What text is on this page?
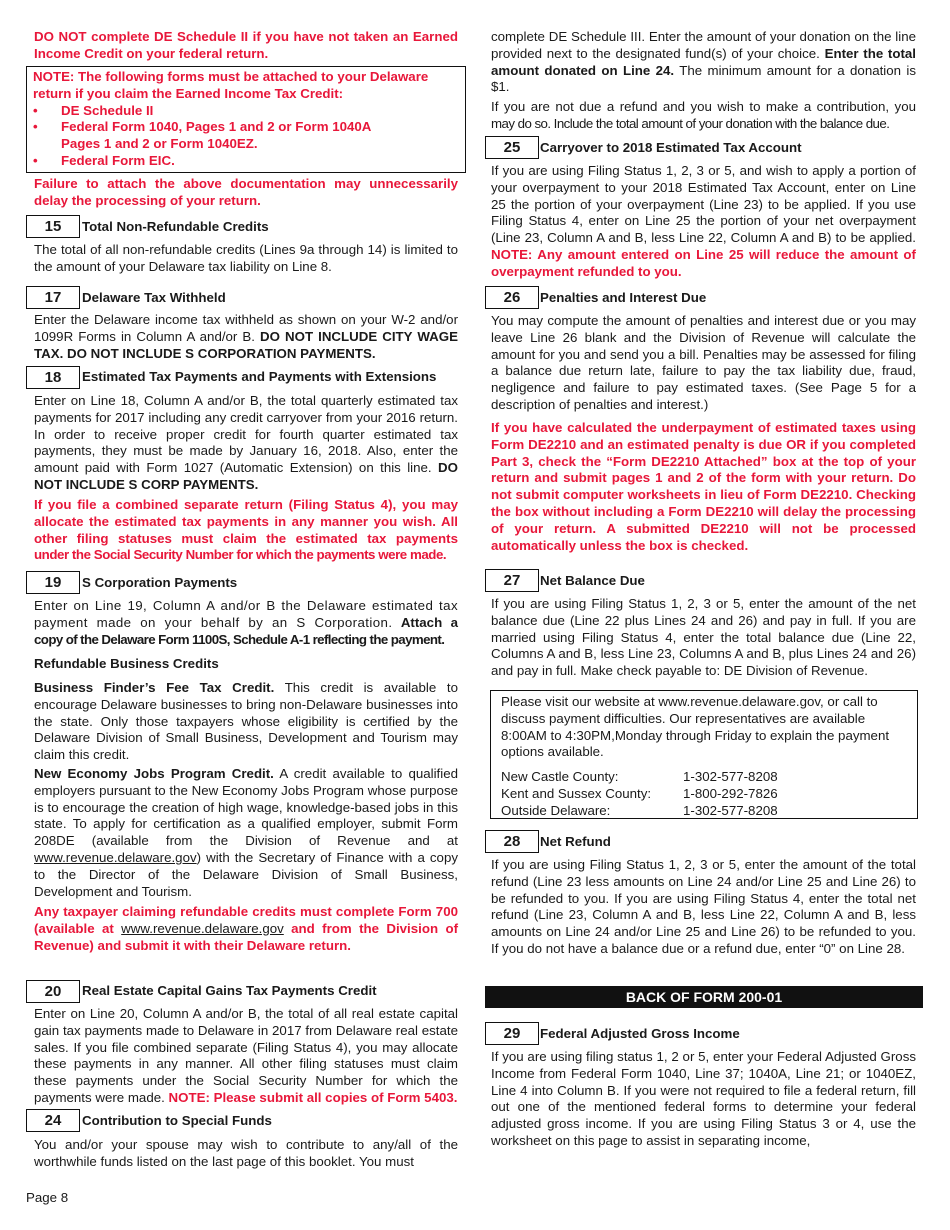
DO NOT complete DE Schedule II if you have not taken an Earned Income Credit on your federal return.

NOTE: The following forms must be attached to your Delaware return if you claim the Earned Income Tax Credit:

•	DE Schedule II
•	Federal Form 1040, Pages 1 and 2 or Form 1040A Pages 1 and 2 or Form 1040EZ.
•	Federal Form EIC.

Failure to attach the above documentation may unnecessarily delay the processing of your return.

15	Total Non-Refundable Credits

The total of all non-refundable credits (Lines 9a through 14) is limited to the amount of your Delaware tax liability on Line 8.

17	Delaware Tax Withheld

Enter the Delaware income tax withheld as shown on your W-2 and/or 1099R Forms in Column A and/or B. DO NOT INCLUDE CITY WAGE TAX. DO NOT INCLUDE S CORPORATION PAYMENTS.

18	Estimated Tax Payments and Payments with Extensions

Enter on Line 18, Column A and/or B, the total quarterly estimated tax payments for 2017 including any credit carryover from your 2016 return. In order to receive proper credit for fourth quarter estimated tax payments, they must be made by January 16, 2018. Also, enter the amount paid with Form 1027 (Automatic Extension) on this line. DO NOT INCLUDE S CORP PAYMENTS.

If you file a combined separate return (Filing Status 4), you may allocate the estimated tax payments in any manner you wish. All other filing statuses must claim the estimated tax payments under the Social Security Number for which the payments were made.

19	S Corporation Payments

Enter on Line 19, Column A and/or B the Delaware estimated tax payment made on your behalf by an S Corporation. Attach a copy of the Delaware Form 1100S, Schedule A-1 reflecting the payment.

Refundable Business Credits

Business Finder’s Fee Tax Credit. This credit is available to encourage Delaware businesses to bring non-Delaware businesses into the state. Only those taxpayers whose eligibility is certified by the Delaware Division of Small Business, Development and Tourism may claim this credit.

New Economy Jobs Program Credit. A credit available to qualified employers pursuant to the New Economy Jobs Program whose purpose is to encourage the creation of high wage, knowledge-based jobs in this state. To apply for certification as a qualified employer, submit Form 208DE (available from the Division of Revenue and at www.revenue.delaware.gov) with the Secretary of Finance with a copy to the Director of the Delaware Division of Small Business, Development and Tourism.

Any taxpayer claiming refundable credits must complete Form 700 (available at www.revenue.delaware.gov and from the Division of Revenue) and submit it with their Delaware return.

20	Real Estate Capital Gains Tax Payments Credit

Enter on Line 20, Column A and/or B, the total of all real estate capital gain tax payments made to Delaware in 2017 from Delaware real estate sales. If you file combined separate (Filing Status 4), you may allocate these payments in any manner. All other filing statuses must claim these payments under the Social Security Number for which the payments were made. NOTE: Please submit all copies of Form 5403.

24	Contribution to Special Funds

You and/or your spouse may wish to contribute to any/all of the worthwhile funds listed on the last page of this booklet. You must

Page 8

complete DE Schedule III. Enter the amount of your donation on the line provided next to the designated fund(s) of your choice. Enter the total amount donated on Line 24. The minimum amount for a donation is $1.

If you are not due a refund and you wish to make a contribution, you may do so. Include the total amount of your donation with the balance due.

25	Carryover to 2018 Estimated Tax Account

If you are using Filing Status 1, 2, 3 or 5, and wish to apply a portion of your overpayment to your 2018 Estimated Tax Account, enter on Line 25 the portion of your overpayment (Line 23) to be applied. If you use Filing Status 4, enter on Line 25 the portion of your net overpayment (Line 23, Column A and B, less Line 22, Column A and B) to be applied. NOTE: Any amount entered on Line 25 will reduce the amount of overpayment refunded to you.

26	Penalties and Interest Due

You may compute the amount of penalties and interest due or you may leave Line 26 blank and the Division of Revenue will calculate the amount for you and send you a bill. Penalties may be assessed for filing a balance due return late, failure to pay the tax liability due, fraud, negligence and failure to pay estimated taxes. (See Page 5 for a description of penalties and interest.)

If you have calculated the underpayment of estimated taxes using Form DE2210 and an estimated penalty is due OR if you completed Part 3, check the “Form DE2210 Attached” box at the top of your return and submit pages 1 and 2 of the form with your return. Do not submit computer worksheets in lieu of Form DE2210. Checking the box without including a Form DE2210 will delay the processing of your return. A submitted DE2210 will not be processed automatically unless the box is checked.

27	Net Balance Due

If you are using Filing Status 1, 2, 3 or 5, enter the amount of the net balance due (Line 22 plus Lines 24 and 26) and pay in full. If you are married using Filing Status 4, enter the total balance due (Line 22, Columns A and B, less Line 23, Columns A and B, plus Lines 24 and 26) and pay in full. Make check payable to: DE Division of Revenue.

Please visit our website at www.revenue.delaware.gov, or call to discuss payment difficulties. Our representatives are available 8:00AM to 4:30PM,Monday through Friday to explain the payment options available.
New Castle County:	1-302-577-8208
Kent and Sussex County:	1-800-292-7826
Outside Delaware:	1-302-577-8208
28	Net Refund

If you are using Filing Status 1, 2, 3 or 5, enter the amount of the total refund (Line 23 less amounts on Line 24 and/or Line 25 and Line 26) to be refunded to you. If you are using Filing Status 4, enter the total net refund (Line 23, Column A and B, less Line 22, Column A and B, less amounts on Line 24 and/or Line 25 and Line 26) to be refunded to you. If you do not have a balance due or a refund due, enter “0” on Line 28.

BACK OF FORM 200-01
29	Federal Adjusted Gross Income

If you are using filing status 1, 2 or 5, enter your Federal Adjusted Gross Income from Federal Form 1040, Line 37; 1040A, Line 21; or 1040EZ, Line 4 into Column B. If you were not required to file a federal return, fill out one of the mentioned federal forms to determine your federal adjusted gross income. If you are using Filing Status 3 or 4, use the worksheet on this page to assist in separating income,
